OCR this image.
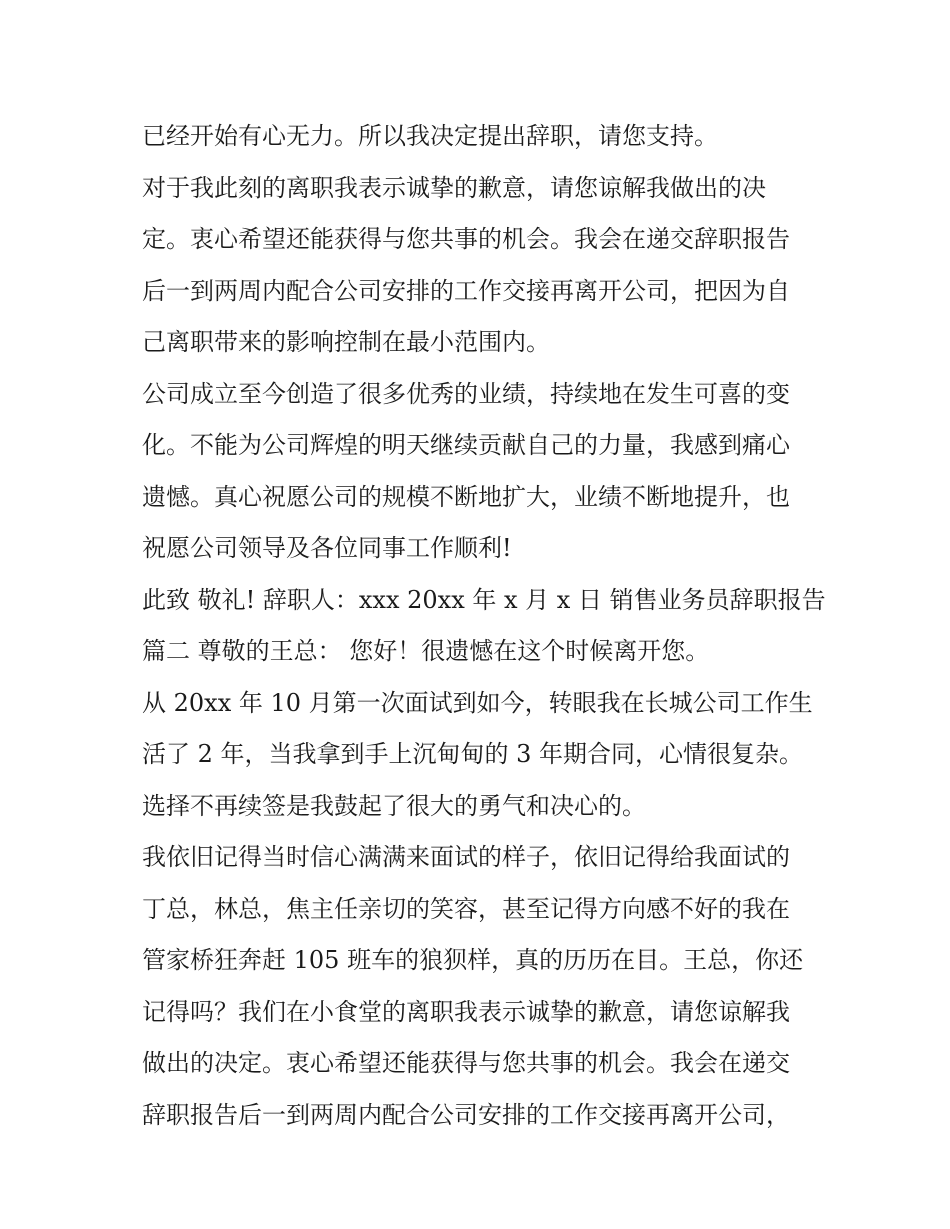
已经开始有心无力。所以我决定提出辞职，请您支持。
对于我此刻的离职我表示诚挚的歉意，请您谅解我做出的决
定。衷心希望还能获得与您共事的机会。我会在递交辞职报告
后一到两周内配合公司安排的工作交接再离开公司，把因为自
己离职带来的影响控制在最小范围内。
公司成立至今创造了很多优秀的业绩，持续地在发生可喜的变
化。不能为公司辉煌的明天继续贡献自己的力量，我感到痛心
遗憾。真心祝愿公司的规模不断地扩大，业绩不断地提升，也
祝愿公司领导及各位同事工作顺利!
此致 敬礼! 辞职人：xxx 20xx 年 x 月 x 日 销售业务员辞职报告
篇二 尊敬的王总： 您好！很遗憾在这个时候离开您。
从 20xx 年 10 月第一次面试到如今，转眼我在长城公司工作生
活了 2 年，当我拿到手上沉甸甸的 3 年期合同，心情很复杂。
选择不再续签是我鼓起了很大的勇气和决心的。
我依旧记得当时信心满满来面试的样子，依旧记得给我面试的
丁总，林总，焦主任亲切的笑容，甚至记得方向感不好的我在
管家桥狂奔赶 105 班车的狼狈样，真的历历在目。王总，你还
记得吗？我们在小食堂的离职我表示诚挚的歉意，请您谅解我
做出的决定。衷心希望还能获得与您共事的机会。我会在递交
辞职报告后一到两周内配合公司安排的工作交接再离开公司，
